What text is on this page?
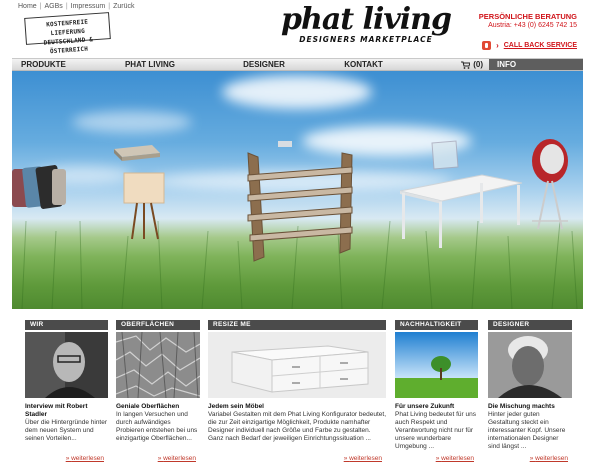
Home | AGBs | Impressum | Zurück
KOSTENFREIE LIEFERUNG
DEUTSCHLAND & ÖSTERREICH
phat living
DESIGNERS MARKETPLACE
PERSÖNLICHE BERATUNG
Austria: +43 (0) 6245 742 15
› CALL BACK SERVICE
PRODUKTE	PHAT LIVING	DESIGNER	KONTAKT	(0)	INFO
WIR
Interview mit Robert Stadler
Über die Hintergründe hinter dem neuen System und seinen Vorteilen...
» weiterlesen
OBERFLÄCHEN
Geniale Oberflächen
In langen Versuchen und durch aufwändiges Probieren entstehen bei uns einzigartige Oberflächen...
» weiterlesen
RESIZE ME
Jedem sein Möbel
Variabel Gestalten mit dem Phat Living Konfigurator bedeutet, die zur Zeit einzigartige Möglichkeit, Produkte namhafter Designer individuell nach Größe und Farbe zu gestalten. Ganz nach Bedarf der jeweiligen Einrichtungssituation ...
» weiterlesen
NACHHALTIGKEIT
Für unsere Zukunft
Phat Living bedeutet für uns auch Respekt und Verantwortung nicht nur für unsere wunderbare Umgebung ...
» weiterlesen
DESIGNER
Die Mischung machts
Hinter jeder guten Gestaltung steckt ein interessanter Kopf. Unsere internationalen Designer sind längst ...
» weiterlesen
